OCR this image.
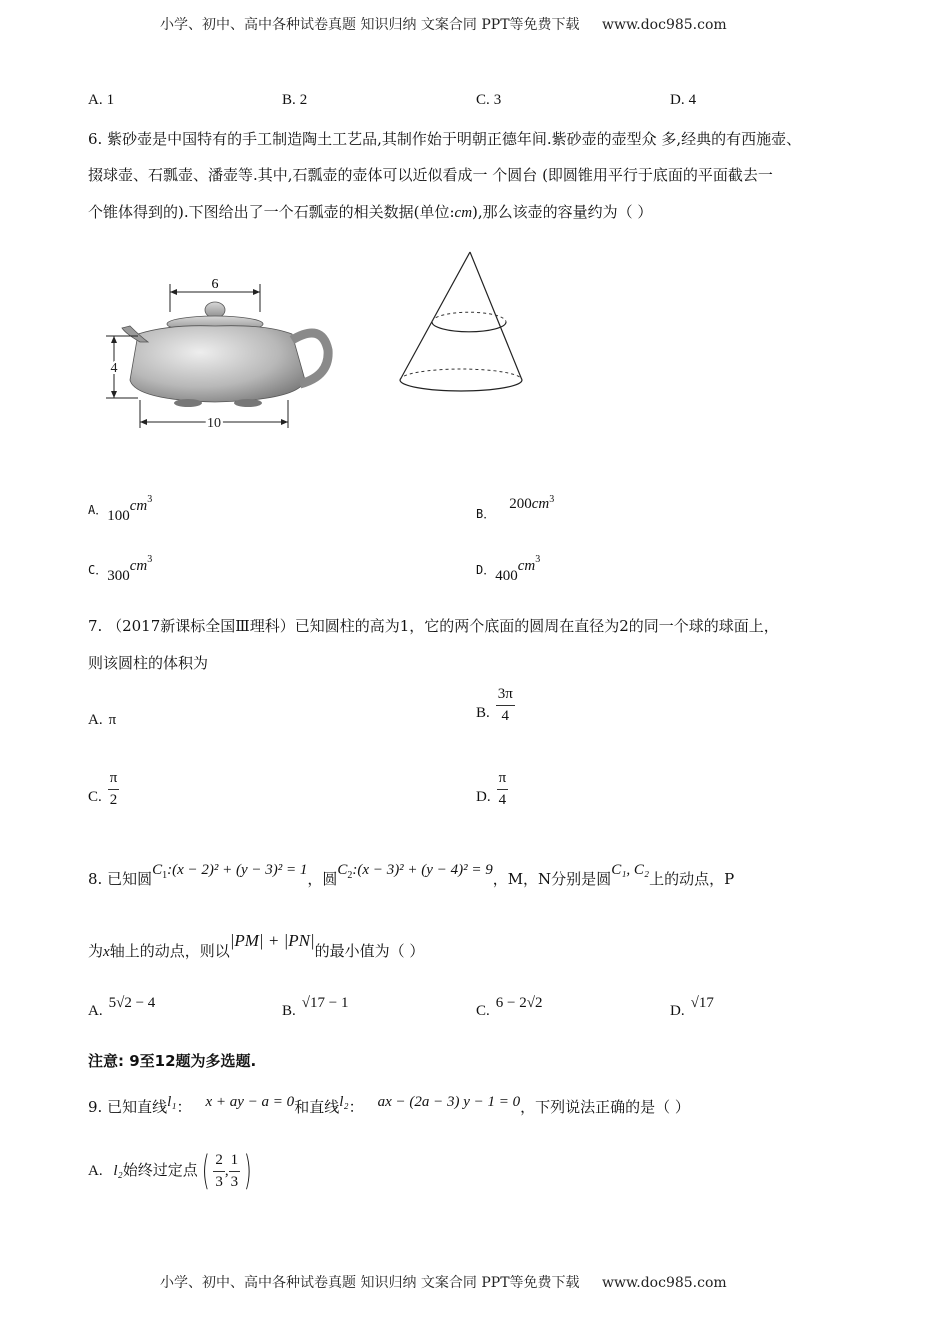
小学、初中、高中各种试卷真题 知识归纳 文案合同 PPT等免费下载 www.doc985.com
A. 1	B. 2	C. 3	D. 4
6. 紫砂壶是中国特有的手工制造陶土工艺品,其制作始于明朝正德年间.紫砂壶的壶型众 多,经典的有西施壶、
掇球壶、石瓢壶、潘壶等.其中,石瓢壶的壶体可以近似看成一 个圆台 (即圆锥用平行于底面的平面截去一
个锥体得到的).下图给出了一个石瓢壶的相关数据(单位:cm),那么该壶的容量约为（ ）
6
4
10
A．$100cm^3$
$_{B.}200cm^3$
C．$300cm^3$
D．$400cm^3$
7. （2017新课标全国Ⅲ理科）已知圆柱的高为1，它的两个底面的圆周在直径为2的同一个球的球面上，
则该圆柱的体积为
A. π	B. $\frac{3\pi}{4}$
C. $\frac{\pi}{2}$	D. $\frac{\pi}{4}$
8. 已知圆$C_1:(x - 2)^2 + (y - 3)^2 = 1$，圆$C_2:(x - 3)^2 + (y - 4)^2 = 9$，M，N分别是圆C₁, C₂上的动点，P
为x轴上的动点，则以|PM| + |PN|的最小值为（ ）
A. 5√2 − 4	B. √17 − 1	C. 6 − 2√2	D. √17
注意: 9至12题为多选题.
9. 已知直线l₁： x + ay − a = 0和直线l₂： ax − (2a − 3) y − 1 = 0，下列说法正确的是（ ）
A. l₂始终过定点 ( $\frac{2}{3}$ , $\frac{1}{3}$ )
小学、初中、高中各种试卷真题 知识归纳 文案合同 PPT等免费下载 www.doc985.com
